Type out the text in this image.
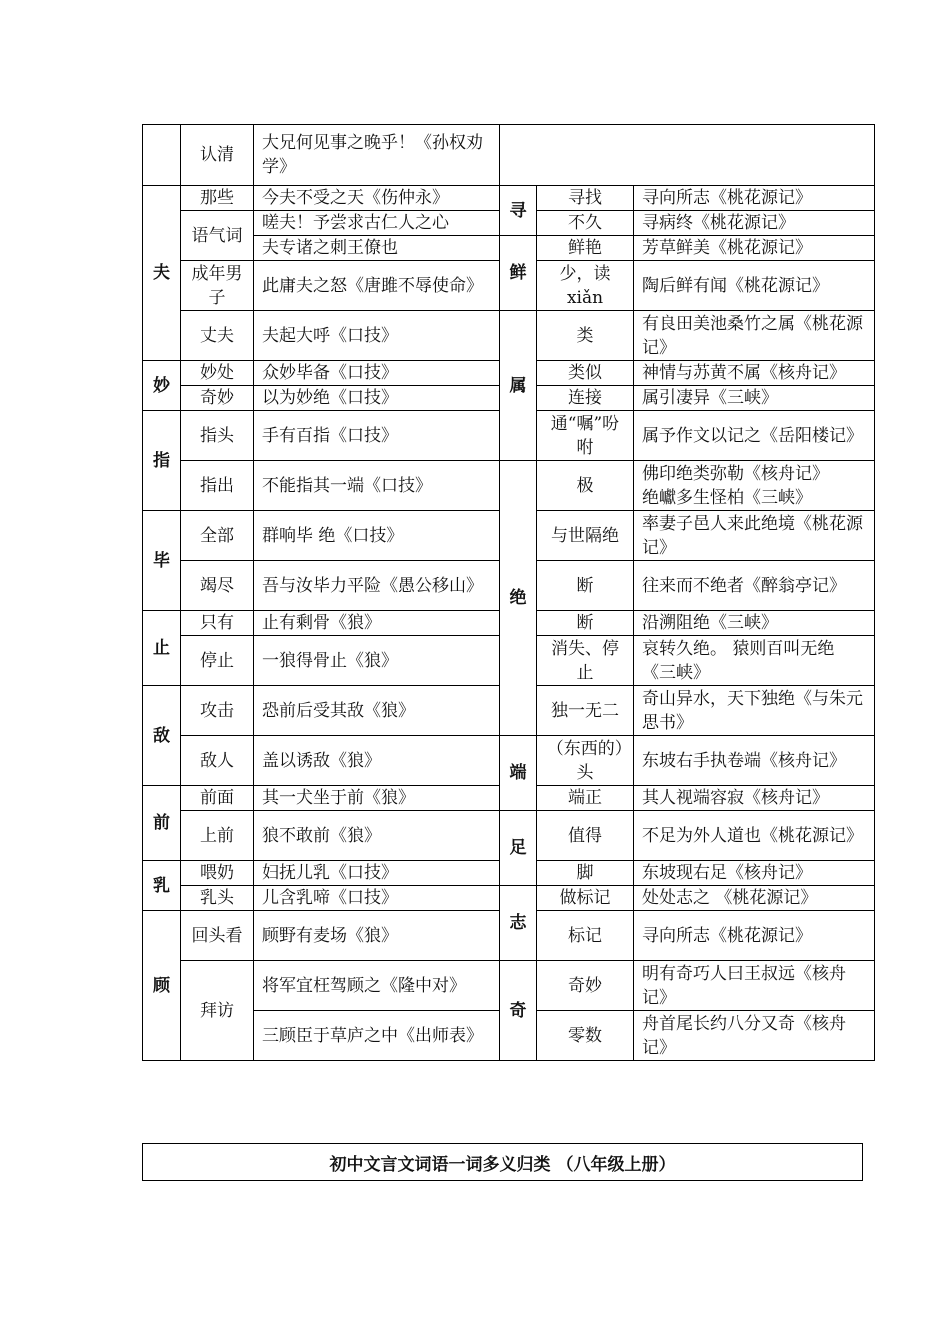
	认清	大兄何见事之晚乎！《孙权劝学》			
夫	那些	今夫不受之天《伤仲永》	寻	寻找	寻向所志《桃花源记》
	语气词	嗟夫！予尝求古仁人之心		不久	寻病终《桃花源记》
		夫专诸之刺王僚也	鲜	鲜艳	芳草鲜美《桃花源记》
	成年男子	此庸夫之怒《唐雎不辱使命》		少，读xiǎn	陶后鲜有闻《桃花源记》
	丈夫	夫起大呼《口技》	属	类	有良田美池桑竹之属《桃花源记》
妙	妙处	众妙毕备《口技》		类似	神情与苏黄不属《核舟记》
	奇妙	以为妙绝《口技》		连接	属引凄异《三峡》
指	指头	手有百指《口技》		通“嘱”吩咐	属予作文以记之《岳阳楼记》
	指出	不能指其一端《口技》	绝	极	佛印绝类弥勒《核舟记》
绝巘多生怪柏《三峡》
毕	全部	群响毕 绝《口技》		与世隔绝	率妻子邑人来此绝境《桃花源记》
	竭尽	吾与汝毕力平险《愚公移山》		断	往来而不绝者《醉翁亭记》
止	只有	止有剩骨《狼》		断	沿溯阻绝《三峡》
	停止	一狼得骨止《狼》		消失、停止	哀转久绝。 猿则百叫无绝《三峡》
敌	攻击	恐前后受其敌《狼》		独一无二	奇山异水，天下独绝《与朱元思书》
	敌人	盖以诱敌《狼》	端	（东西的）头	东坡右手执卷端《核舟记》
前	前面	其一犬坐于前《狼》		端正	其人视端容寂《核舟记》
	上前	狼不敢前《狼》	足	值得	不足为外人道也《桃花源记》
乳	喂奶	妇抚儿乳《口技》		脚	东坡现右足《核舟记》
	乳头	儿含乳啼《口技》	志	做标记	处处志之 《桃花源记》
顾	回头看	顾野有麦场《狼》		标记	寻向所志《桃花源记》
	拜访	将军宜枉驾顾之《隆中对》	奇	奇妙	明有奇巧人曰王叔远《核舟记》
		三顾臣于草庐之中《出师表》		零数	舟首尾长约八分又奇《核舟记》
初中文言文词语一词多义归类 （八年级上册）
